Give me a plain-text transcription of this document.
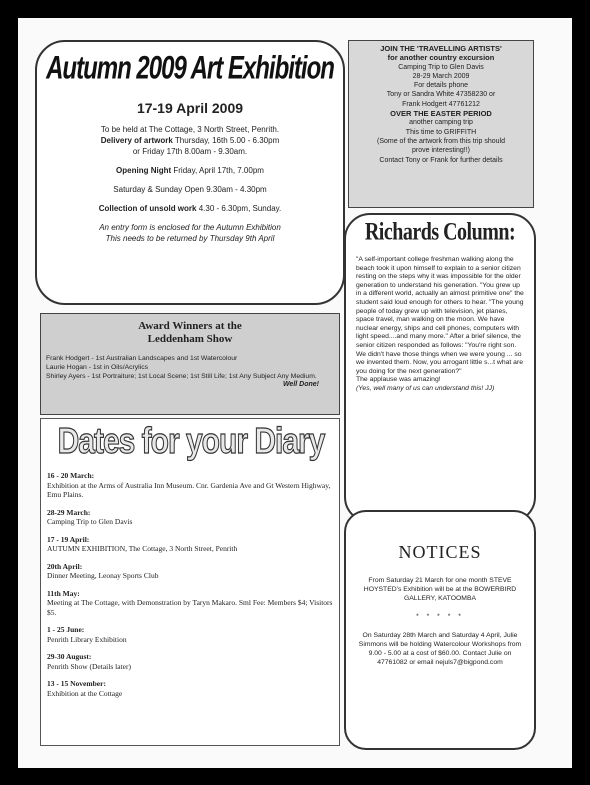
Autumn 2009 Art Exhibition
17-19 April 2009
To be held at The Cottage, 3 North Street, Penrith.
Delivery of artwork Thursday, 16th 5.00 - 6.30pm
or Friday 17th 8.00am - 9.30am.
Opening Night Friday, April 17th, 7.00pm
Saturday & Sunday Open 9.30am - 4.30pm
Collection of unsold work 4.30 - 6.30pm, Sunday.
An entry form is enclosed for the Autumn Exhibition
This needs to be returned by Thursday 9th April
JOIN THE 'TRAVELLING ARTISTS'
for another country excursion
Camping Trip to Glen Davis
28-29 March 2009
For details phone
Tony or Sandra White 47358230 or
Frank Hodgert 47761212
OVER THE EASTER PERIOD
another camping trip
This time to GRIFFITH
(Some of the artwork from this trip should
prove interesting!!)
Contact Tony or Frank for further details
Richards Column:
"A self-important college freshman walking along the beach took it upon himself to explain to a senior citizen resting on the steps why it was impossible for the older generation to understand his generation. "You grew up in a different world, actually an almost primitive one" the student said loud enough for others to hear. "The young people of today grew up with television, jet planes, space travel, man walking on the moon. We have nuclear energy, ships and cell phones, computers with light speed....and many more." After a brief silence, the senior citizen responded as follows: "You're right son. We didn't have those things when we were young ... so we invented them. Now, you arrogant little s...t what are you doing for the next generation?"
The applause was amazing!
(Yes, well many of us can understand this! JJ)
Award Winners at the
Leddenham Show
Frank Hodgert - 1st Australian Landscapes and 1st Watercolour
Laurie Hogan - 1st in Oils/Acrylics
Shirley Ayers - 1st Portraiture; 1st Local Scene; 1st Still Life; 1st Any Subject Any Medium.
Well Done!
Dates for your Diary
16 - 20 March:
Exhibition at the Arms of Australia Inn Museum. Cnr. Gardenia Ave and Gt Western Highway, Emu Plains.
28-29 March:
Camping Trip to Glen Davis
17 - 19 April:
AUTUMN EXHIBITION, The Cottage, 3 North Street, Penrith
20th April:
Dinner Meeting, Leonay Sports Club
11th May:
Meeting at The Cottage, with Demonstration by Taryn Makaro. Sml Fee: Members $4; Visitors $5.
1 - 25 June:
Penrith Library Exhibition
29-30 August:
Penrith Show (Details later)
13 - 15 November:
Exhibition at the Cottage
NOTICES
From Saturday 21 March for one month STEVE HOYSTED's Exhibition will be at the BOWERBIRD GALLERY, KATOOMBA
* * * * *
On Saturday 28th March and Saturday 4 April, Julie Simmons will be holding Watercolour Workshops from 9.00 - 5.00 at a cost of $60.00. Contact Julie on 47761082 or email nejuls7@bigpond.com
